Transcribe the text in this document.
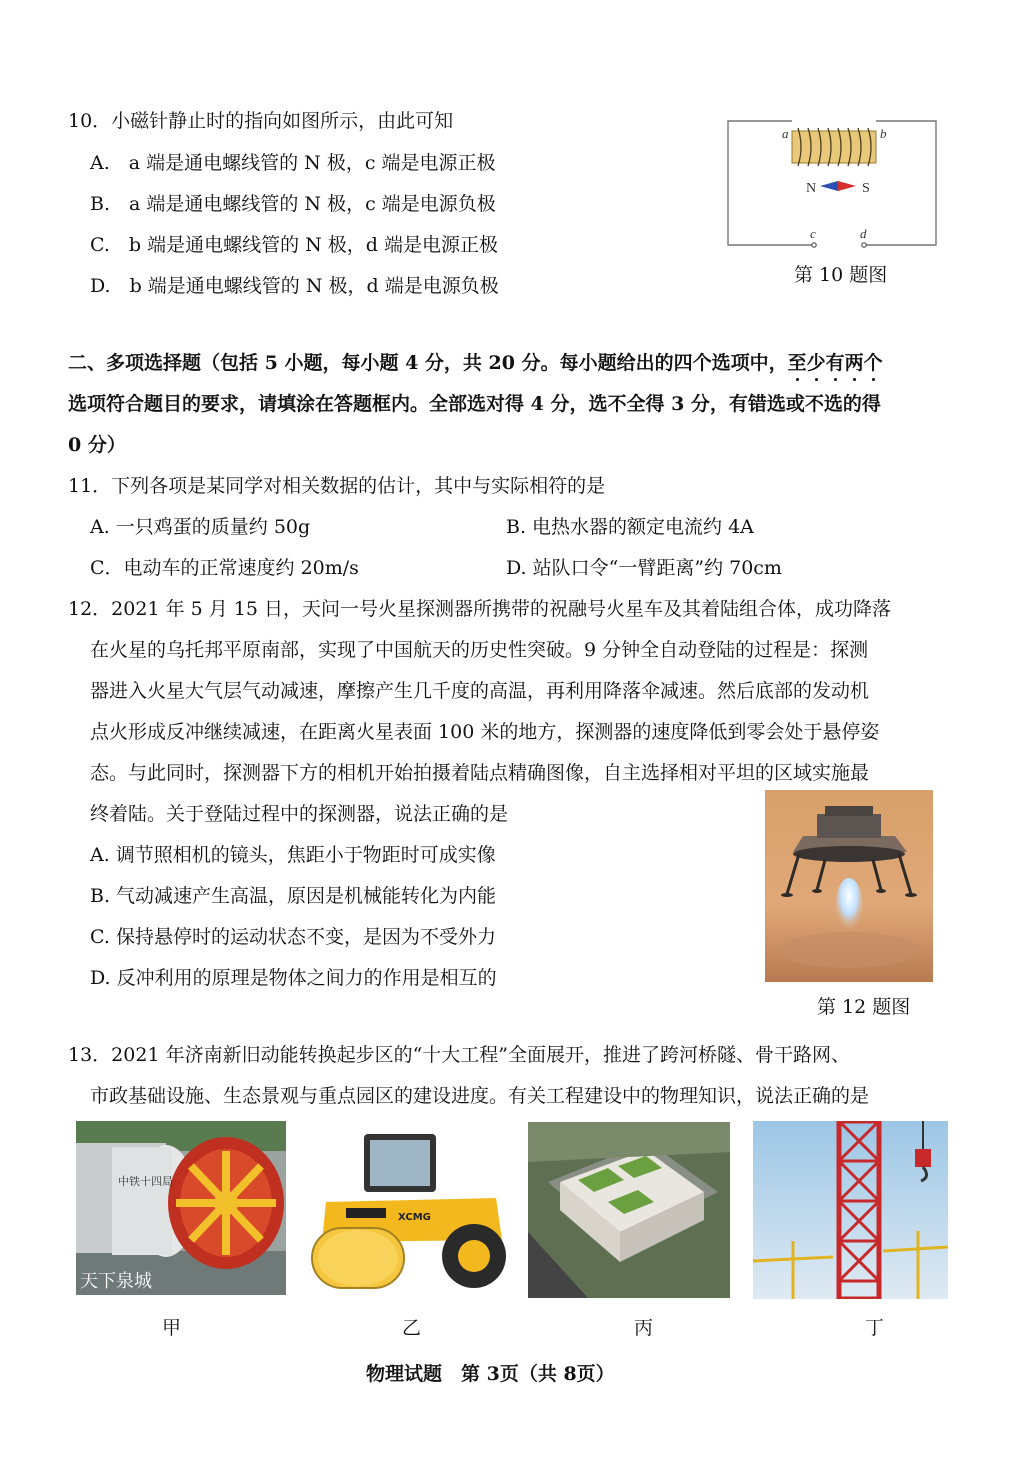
10．小磁针静止时的指向如图所示，由此可知
A.　a 端是通电螺线管的 N 极，c 端是电源正极
B.　a 端是通电螺线管的 N 极，c 端是电源负极
C.　b 端是通电螺线管的 N 极，d 端是电源正极
D.　b 端是通电螺线管的 N 极，d 端是电源负极
N	S
a	b
c	d
第 10 题图
二、多项选择题（包括 5 小题，每小题 4 分，共 20 分。每小题给出的四个选项中，至少有两个
选项符合题目的要求，请填涂在答题框内。全部选对得 4 分，选不全得 3 分，有错选或不选的得
0 分）
11．下列各项是某同学对相关数据的估计，其中与实际相符的是
A. 一只鸡蛋的质量约 50g	B. 电热水器的额定电流约 4A
C．电动车的正常速度约 20m/s	D. 站队口令“一臂距离”约 70cm
12．2021 年 5 月 15 日，天问一号火星探测器所携带的祝融号火星车及其着陆组合体，成功降落
在火星的乌托邦平原南部，实现了中国航天的历史性突破。9 分钟全自动登陆的过程是：探测
器进入火星大气层气动减速，摩擦产生几千度的高温，再利用降落伞减速。然后底部的发动机
点火形成反冲继续减速，在距离火星表面 100 米的地方，探测器的速度降低到零会处于悬停姿
态。与此同时，探测器下方的相机开始拍摄着陆点精确图像，自主选择相对平坦的区域实施最
终着陆。关于登陆过程中的探测器，说法正确的是
A. 调节照相机的镜头，焦距小于物距时可成实像
B. 气动减速产生高温，原因是机械能转化为内能
C. 保持悬停时的运动状态不变，是因为不受外力
D. 反冲利用的原理是物体之间力的作用是相互的
第 12 题图
13．2021 年济南新旧动能转换起步区的“十大工程”全面展开，推进了跨河桥隧、骨干路网、
市政基础设施、生态景观与重点园区的建设进度。有关工程建设中的物理知识，说法正确的是
中铁十四局
天下泉城
XCMG
甲	乙	丙	丁
物理试题　第 3页（共 8页）
